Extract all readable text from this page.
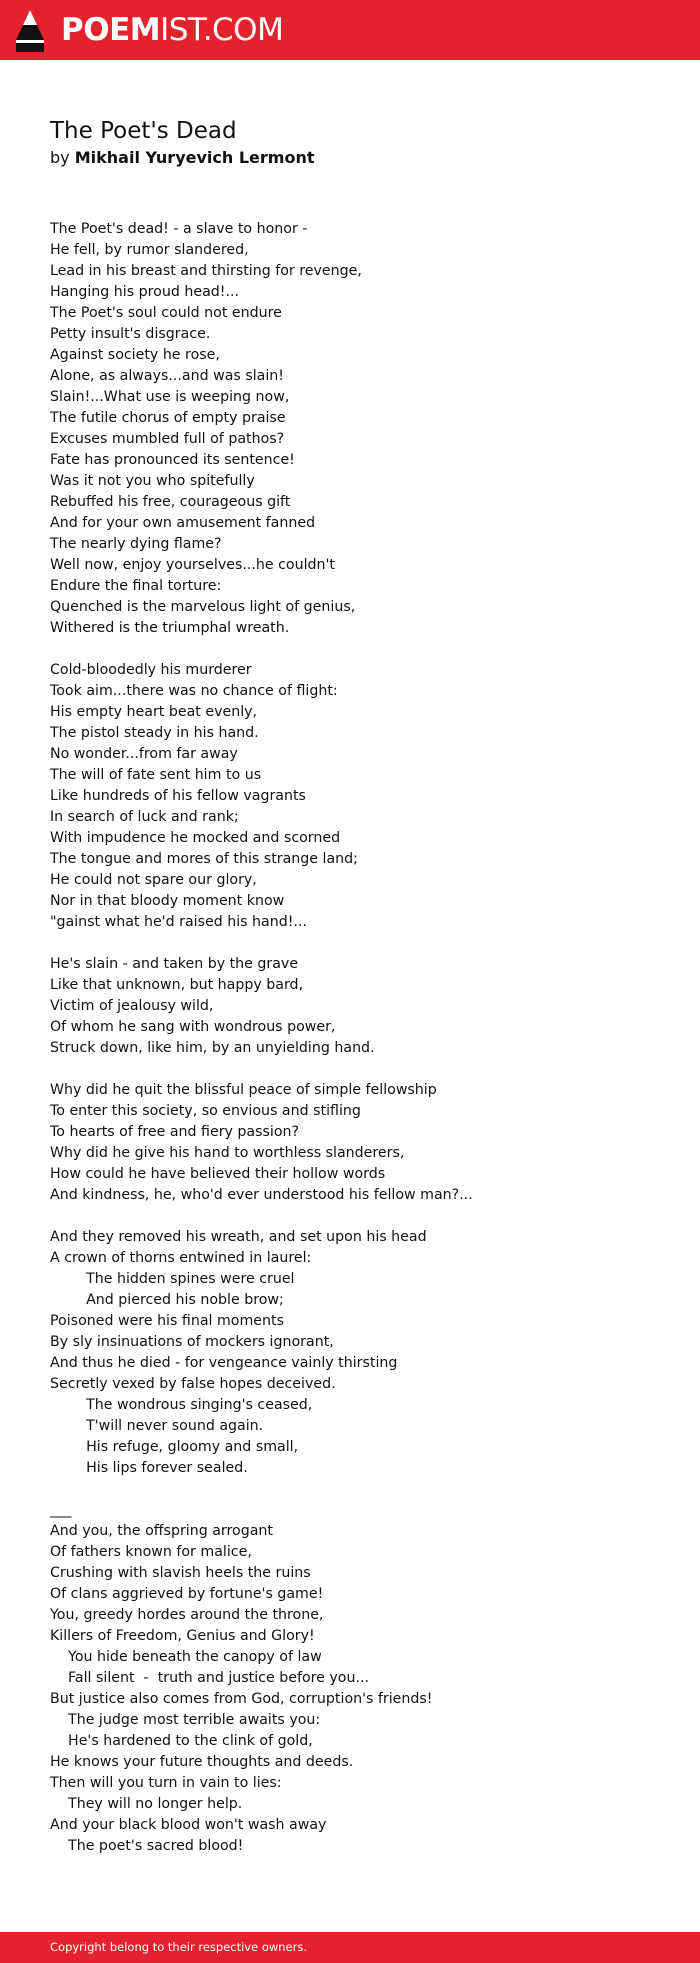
POEMIST.COM
The Poet's Dead
by Mikhail Yuryevich Lermont
The Poet's dead! - a slave to honor -
He fell, by rumor slandered,
Lead in his breast and thirsting for revenge,
Hanging his proud head!...
The Poet's soul could not endure
Petty insult's disgrace.
Against society he rose,
Alone, as always...and was slain!
Slain!...What use is weeping now,
The futile chorus of empty praise
Excuses mumbled full of pathos?
Fate has pronounced its sentence!
Was it not you who spitefully
Rebuffed his free, courageous gift
And for your own amusement fanned
The nearly dying flame?
Well now, enjoy yourselves...he couldn't
Endure the final torture:
Quenched is the marvelous light of genius,
Withered is the triumphal wreath.

Cold-bloodedly his murderer
Took aim...there was no chance of flight:
His empty heart beat evenly,
The pistol steady in his hand.
No wonder...from far away
The will of fate sent him to us
Like hundreds of his fellow vagrants
In search of luck and rank;
With impudence he mocked and scorned
The tongue and mores of this strange land;
He could not spare our glory,
Nor in that bloody moment know
"gainst what he'd raised his hand!...

He's slain - and taken by the grave
Like that unknown, but happy bard,
Victim of jealousy wild,
Of whom he sang with wondrous power,
Struck down, like him, by an unyielding hand.

Why did he quit the blissful peace of simple fellowship
To enter this society, so envious and stifling
To hearts of free and fiery passion?
Why did he give his hand to worthless slanderers,
How could he have believed their hollow words
And kindness, he, who'd ever understood his fellow man?...

And they removed his wreath, and set upon his head
A crown of thorns entwined in laurel:
The hidden spines were cruel
And pierced his noble brow;
Poisoned were his final moments
By sly insinuations of mockers ignorant,
And thus he died - for vengeance vainly thirsting
Secretly vexed by false hopes deceived.
The wondrous singing's ceased,
T'will never sound again.
His refuge, gloomy and small,
His lips forever sealed.

___
And you, the offspring arrogant
Of fathers known for malice,
Crushing with slavish heels the ruins
Of clans aggrieved by fortune's game!
You, greedy hordes around the throne,
Killers of Freedom, Genius and Glory!
You hide beneath the canopy of law
Fall silent  -  truth and justice before you...
But justice also comes from God, corruption's friends!
The judge most terrible awaits you:
He's hardened to the clink of gold,
He knows your future thoughts and deeds.
Then will you turn in vain to lies:
They will no longer help.
And your black blood won't wash away
The poet's sacred blood!
Copyright belong to their respective owners.
